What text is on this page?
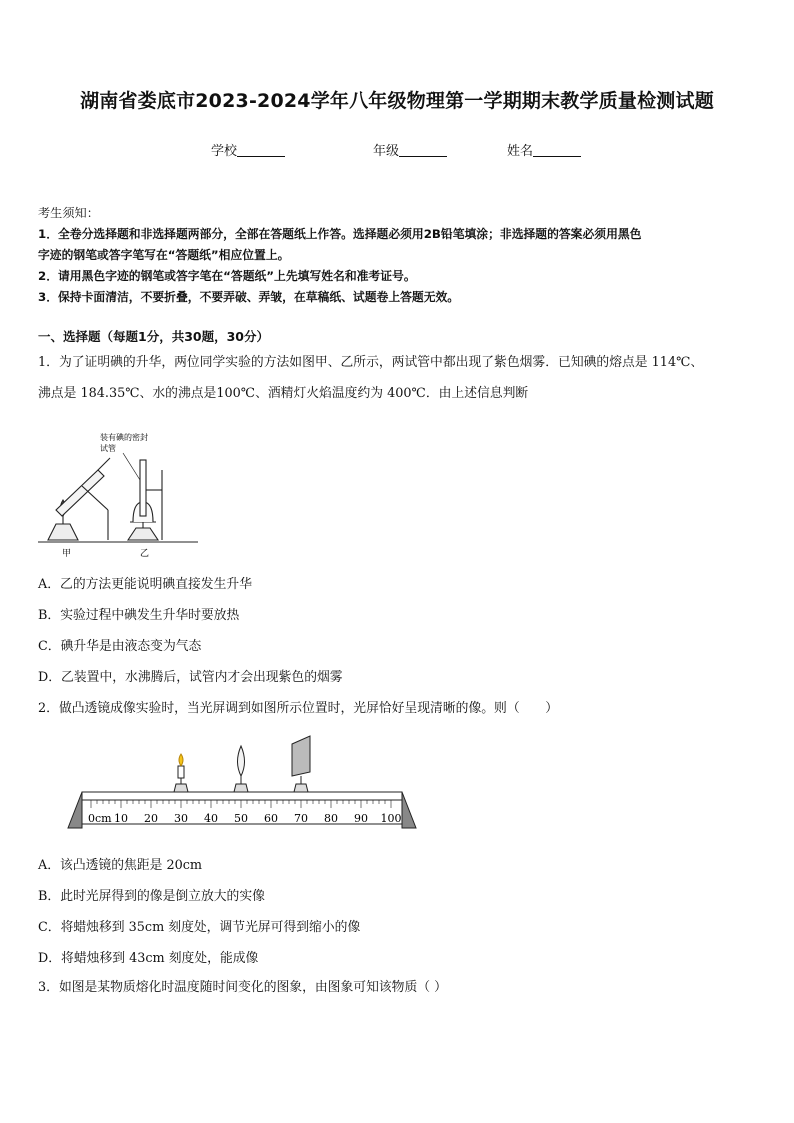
湖南省娄底市2023-2024学年八年级物理第一学期期末教学质量检测试题
学校	年级	姓名
考生须知：
1．全卷分选择题和非选择题两部分，全部在答题纸上作答。选择题必须用2B铅笔填涂；非选择题的答案必须用黑色
字迹的钢笔或答字笔写在“答题纸”相应位置上。
2．请用黑色字迹的钢笔或答字笔在“答题纸”上先填写姓名和准考证号。
3．保持卡面清洁，不要折叠，不要弄破、弄皱，在草稿纸、试题卷上答题无效。
一、选择题（每题1分，共30题，30分）
1．为了证明碘的升华，两位同学实验的方法如图甲、乙所示，两试管中都出现了紫色烟雾．已知碘的熔点是 114℃、
沸点是 184.35℃、水的沸点是100℃、酒精灯火焰温度约为 400℃．由上述信息判断
装有碘的密封
试管
甲	乙
A．乙的方法更能说明碘直接发生升华
B．实验过程中碘发生升华时要放热
C．碘升华是由液态变为气态
D．乙装置中，水沸腾后，试管内才会出现紫色的烟雾
2．做凸透镜成像实验时，当光屏调到如图所示位置时，光屏恰好呈现清晰的像。则（　　）
0cm 10 20 30 40 50 60 70 80 90 100
A．该凸透镜的焦距是 20cm
B．此时光屏得到的像是倒立放大的实像
C．将蜡烛移到 35cm 刻度处，调节光屏可得到缩小的像
D．将蜡烛移到 43cm 刻度处，能成像
3．如图是某物质熔化时温度随时间变化的图象，由图象可知该物质（ ）
